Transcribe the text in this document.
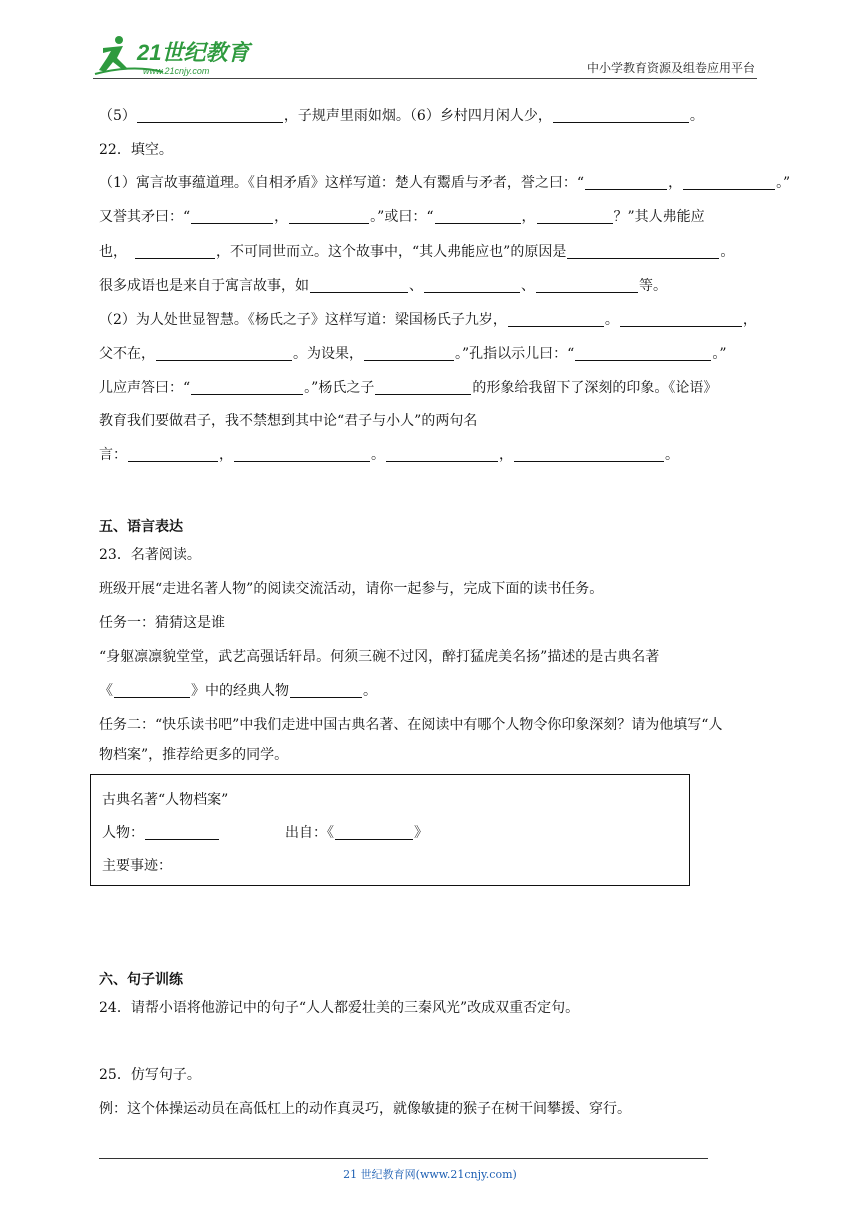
21世纪教育
www.21cnjy.com	中小学教育资源及组卷应用平台
（5）	，子规声里雨如烟。（6）乡村四月闲人少，	。
22．填空。
（1）寓言故事蕴道理。《自相矛盾》这样写道：楚人有鬻盾与矛者，誉之曰：“	，	。”
又誉其矛曰：“	，	。”或曰：“	，	？”其人弗能应
也，	，不可同世而立。这个故事中，“其人弗能应也”的原因是	。
很多成语也是来自于寓言故事，如	、	、	等。
（2）为人处世显智慧。《杨氏之子》这样写道：梁国杨氏子九岁，	。	，
父不在，	。为设果，	。”孔指以示儿曰：“	。”
儿应声答曰：“	。”杨氏之子	的形象给我留下了深刻的印象。《论语》
教育我们要做君子，我不禁想到其中论“君子与小人”的两句名
言：	，	。	，	。
五、语言表达
23．名著阅读。
班级开展“走进名著人物”的阅读交流活动，请你一起参与，完成下面的读书任务。
任务一：猜猜这是谁
“身躯凛凛貌堂堂，武艺高强话轩昂。何须三碗不过冈，醉打猛虎美名扬”描述的是古典名著
《	》中的经典人物	。
任务二：“快乐读书吧”中我们走进中国古典名著、在阅读中有哪个人物令你印象深刻？请为他填写“人
物档案”，推荐给更多的同学。
古典名著“人物档案”
人物：	出自：《	》
主要事迹：
六、句子训练
24．请帮小语将他游记中的句子“人人都爱壮美的三秦风光”改成双重否定句。
25．仿写句子。
例：这个体操运动员在高低杠上的动作真灵巧，就像敏捷的猴子在树干间攀援、穿行。
21 世纪教育网(www.21cnjy.com)
